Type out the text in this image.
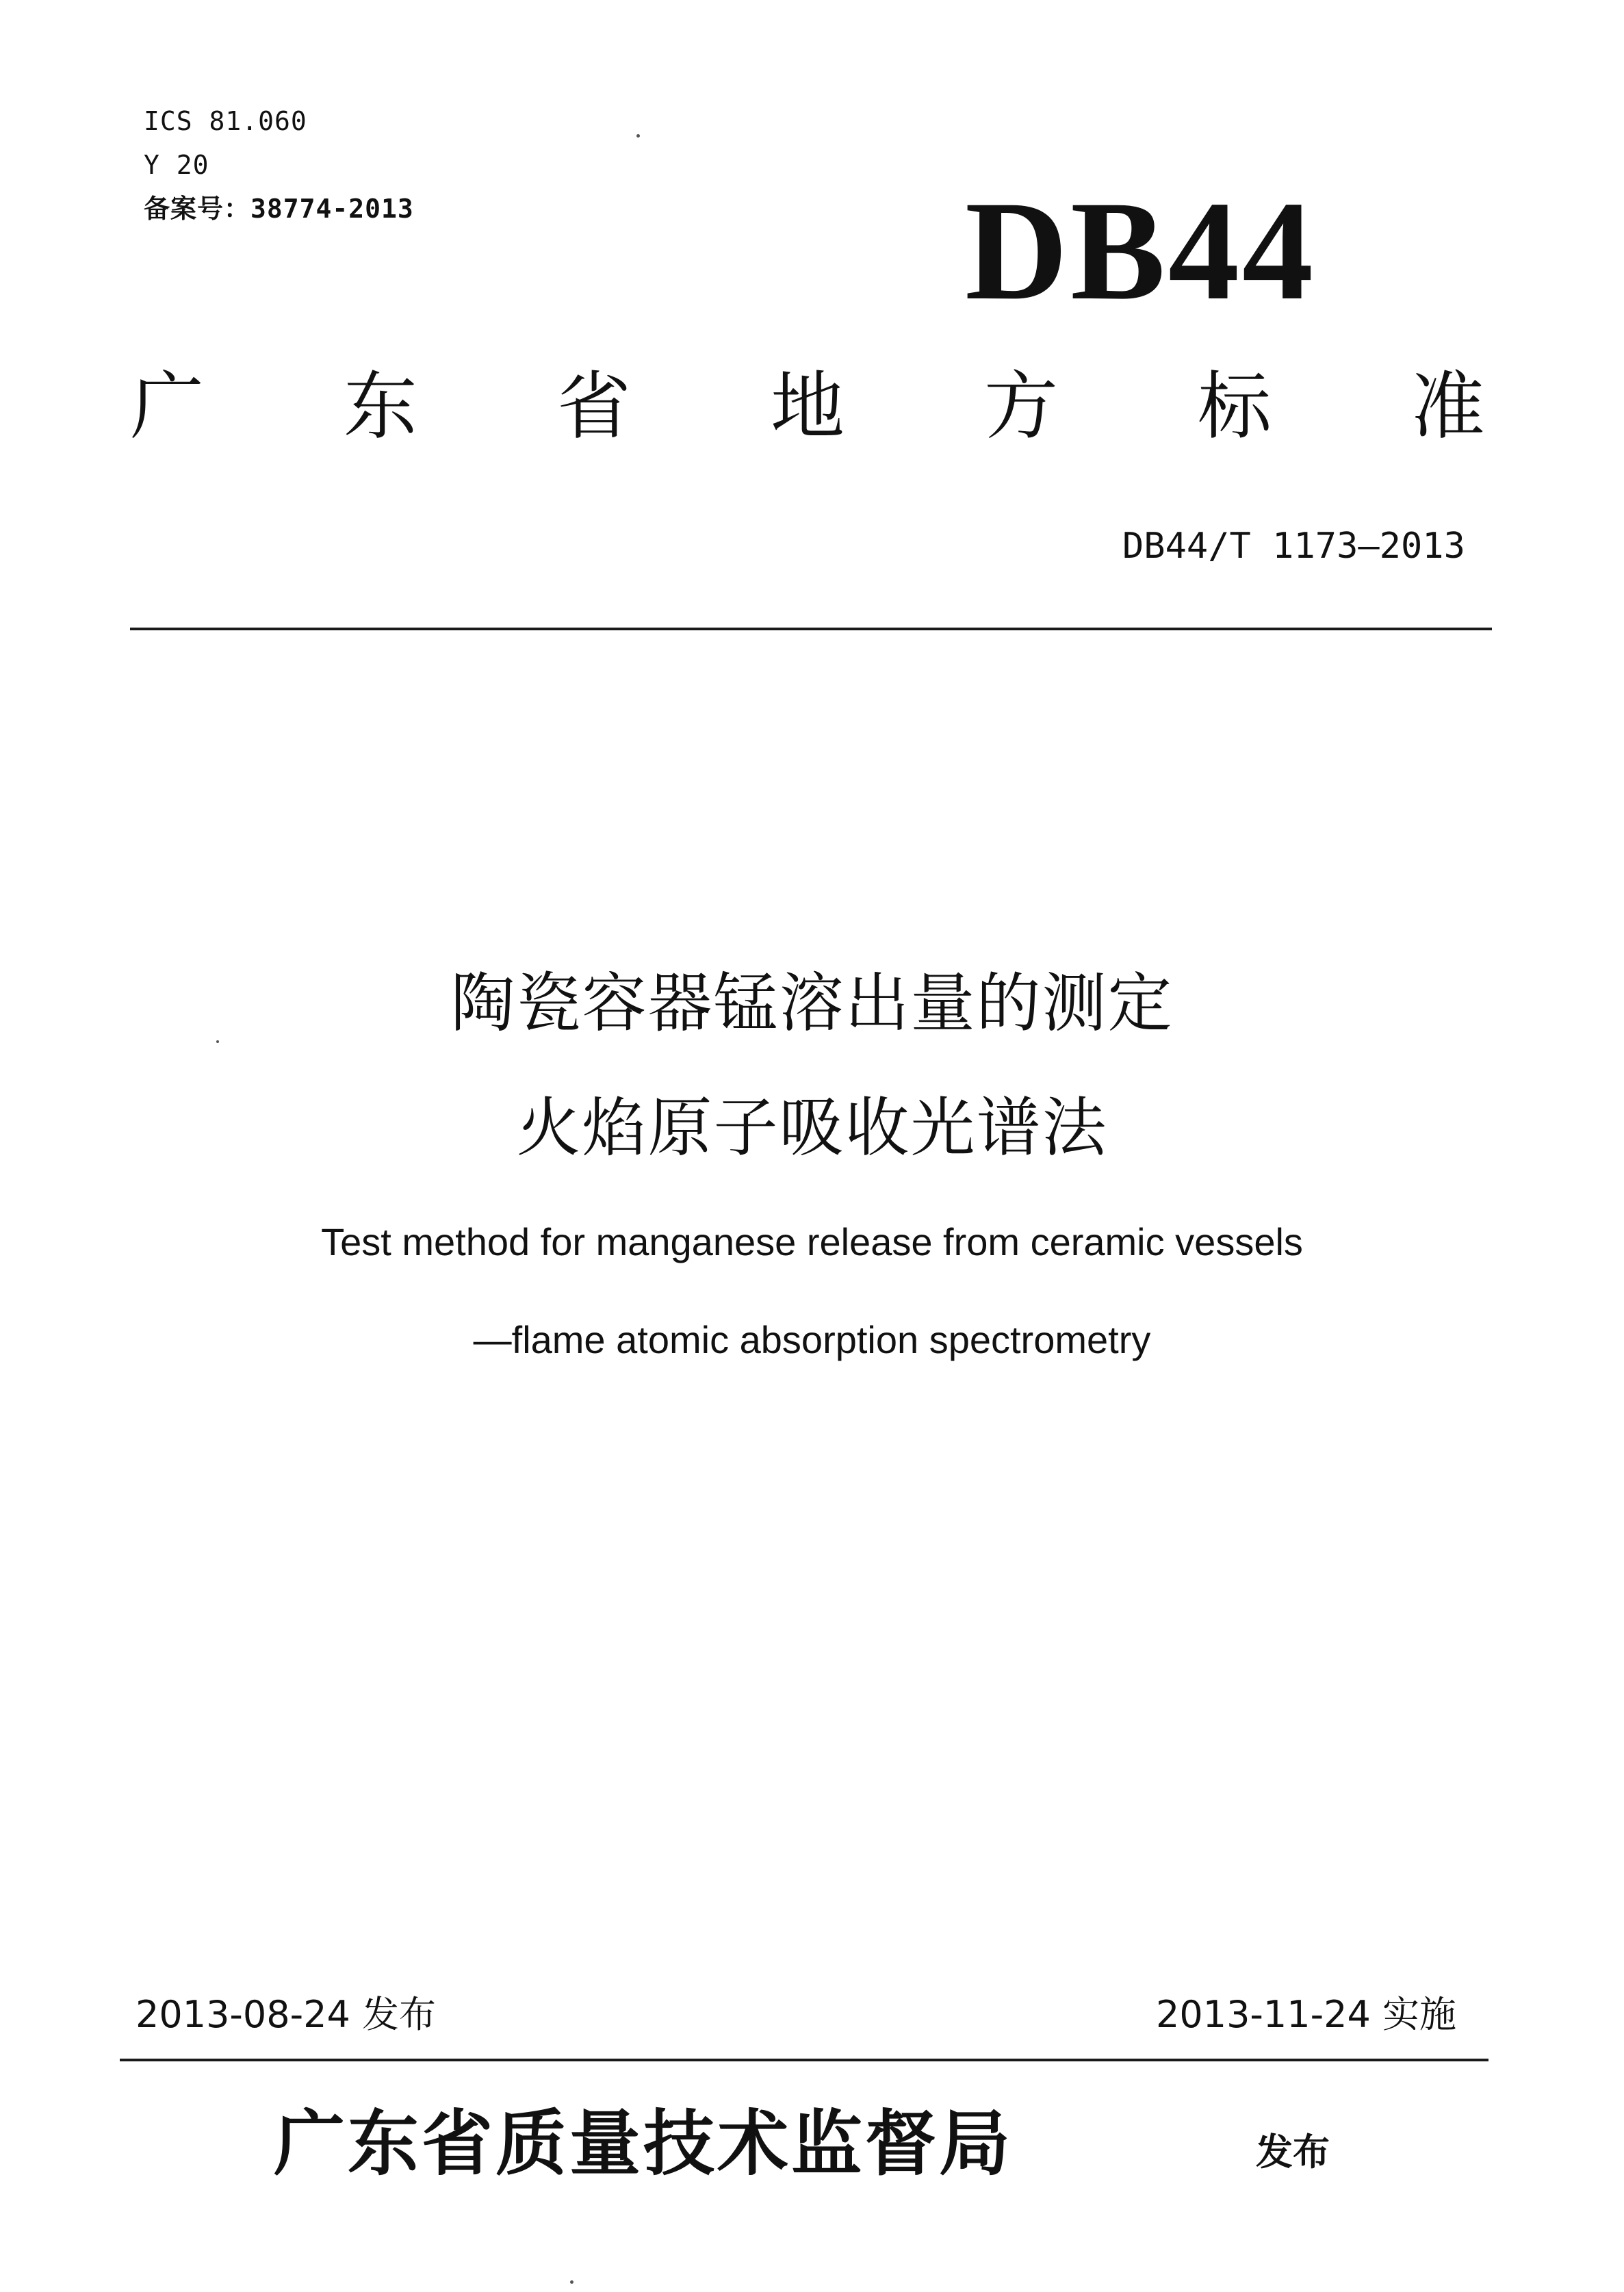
ICS 81.060
Y 20
备案号：38774-2013	DB44
广 东 省 地 方 标 准
DB44/T 1173—2013
陶瓷容器锰溶出量的测定
火焰原子吸收光谱法
Test method for manganese release from ceramic vessels
—flame atomic absorption spectrometry
2013-08-24 发布	2013-11-24 实施
广东省质量技术监督局	发布
